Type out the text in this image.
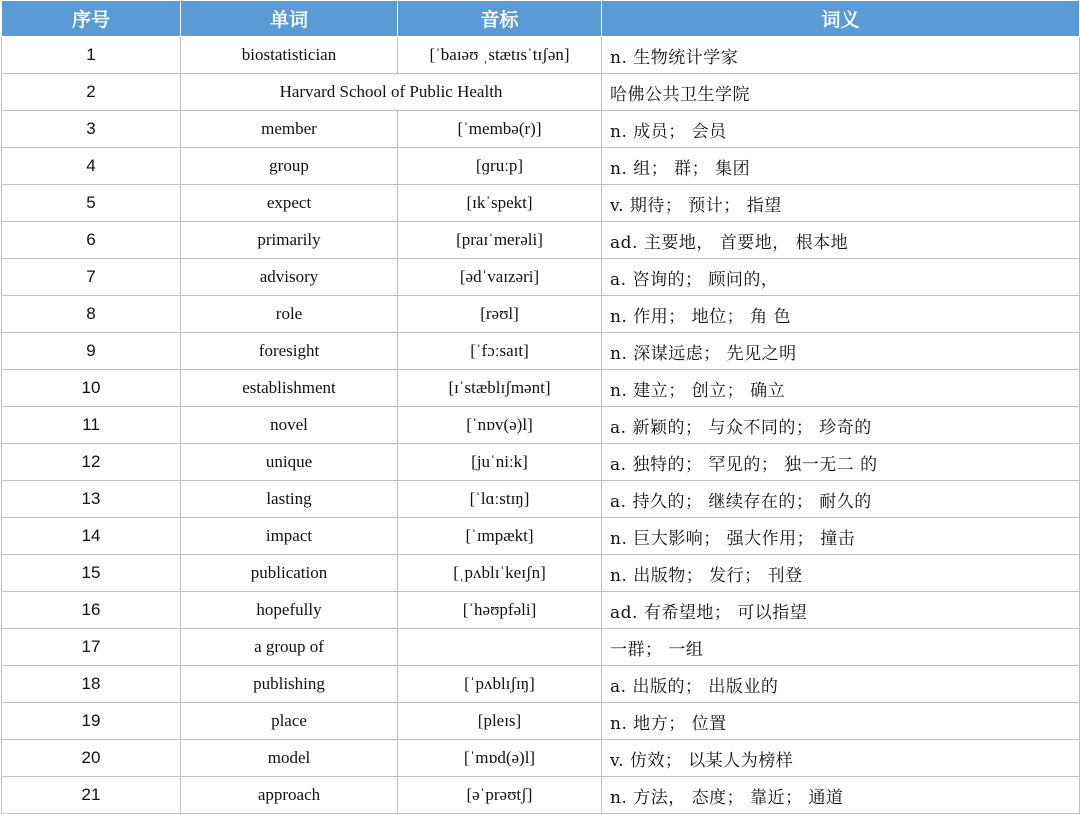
序号	单词	音标	词义
1	biostatistician	[ˈbaɪəʊ ˌstætɪsˈtɪʃən]	n. 生物统计学家
2	Harvard School of Public Health		哈佛公共卫生学院
3	member	[ˈmembə(r)]	n. 成员； 会员
4	group	[ɡruːp]	n. 组； 群； 集团
5	expect	[ɪkˈspekt]	v. 期待； 预计； 指望
6	primarily	[praɪˈmerəli]	ad. 主要地， 首要地， 根本地
7	advisory	[ədˈvaɪzəri]	a. 咨询的； 顾问的，
8	role	[rəʊl]	n. 作用； 地位； 角 色
9	foresight	[ˈfɔːsaɪt]	n. 深谋远虑； 先见之明
10	establishment	[ɪˈstæblɪʃmənt]	n. 建立； 创立； 确立
11	novel	[ˈnɒv(ə)l]	a. 新颖的； 与众不同的； 珍奇的
12	unique	[juˈniːk]	a. 独特的； 罕见的； 独一无二 的
13	lasting	[ˈlɑːstɪŋ]	a. 持久的； 继续存在的； 耐久的
14	impact	[ˈɪmpækt]	n. 巨大影响； 强大作用； 撞击
15	publication	[ˌpʌblɪˈkeɪʃn]	n. 出版物； 发行； 刊登
16	hopefully	[ˈhəʊpfəli]	ad. 有希望地； 可以指望
17	a group of		一群； 一组
18	publishing	[ˈpʌblɪʃɪŋ]	a. 出版的； 出版业的
19	place	[pleɪs]	n. 地方； 位置
20	model	[ˈmɒd(ə)l]	v. 仿效； 以某人为榜样
21	approach	[əˈprəʊtʃ]	n. 方法， 态度； 靠近； 通道
